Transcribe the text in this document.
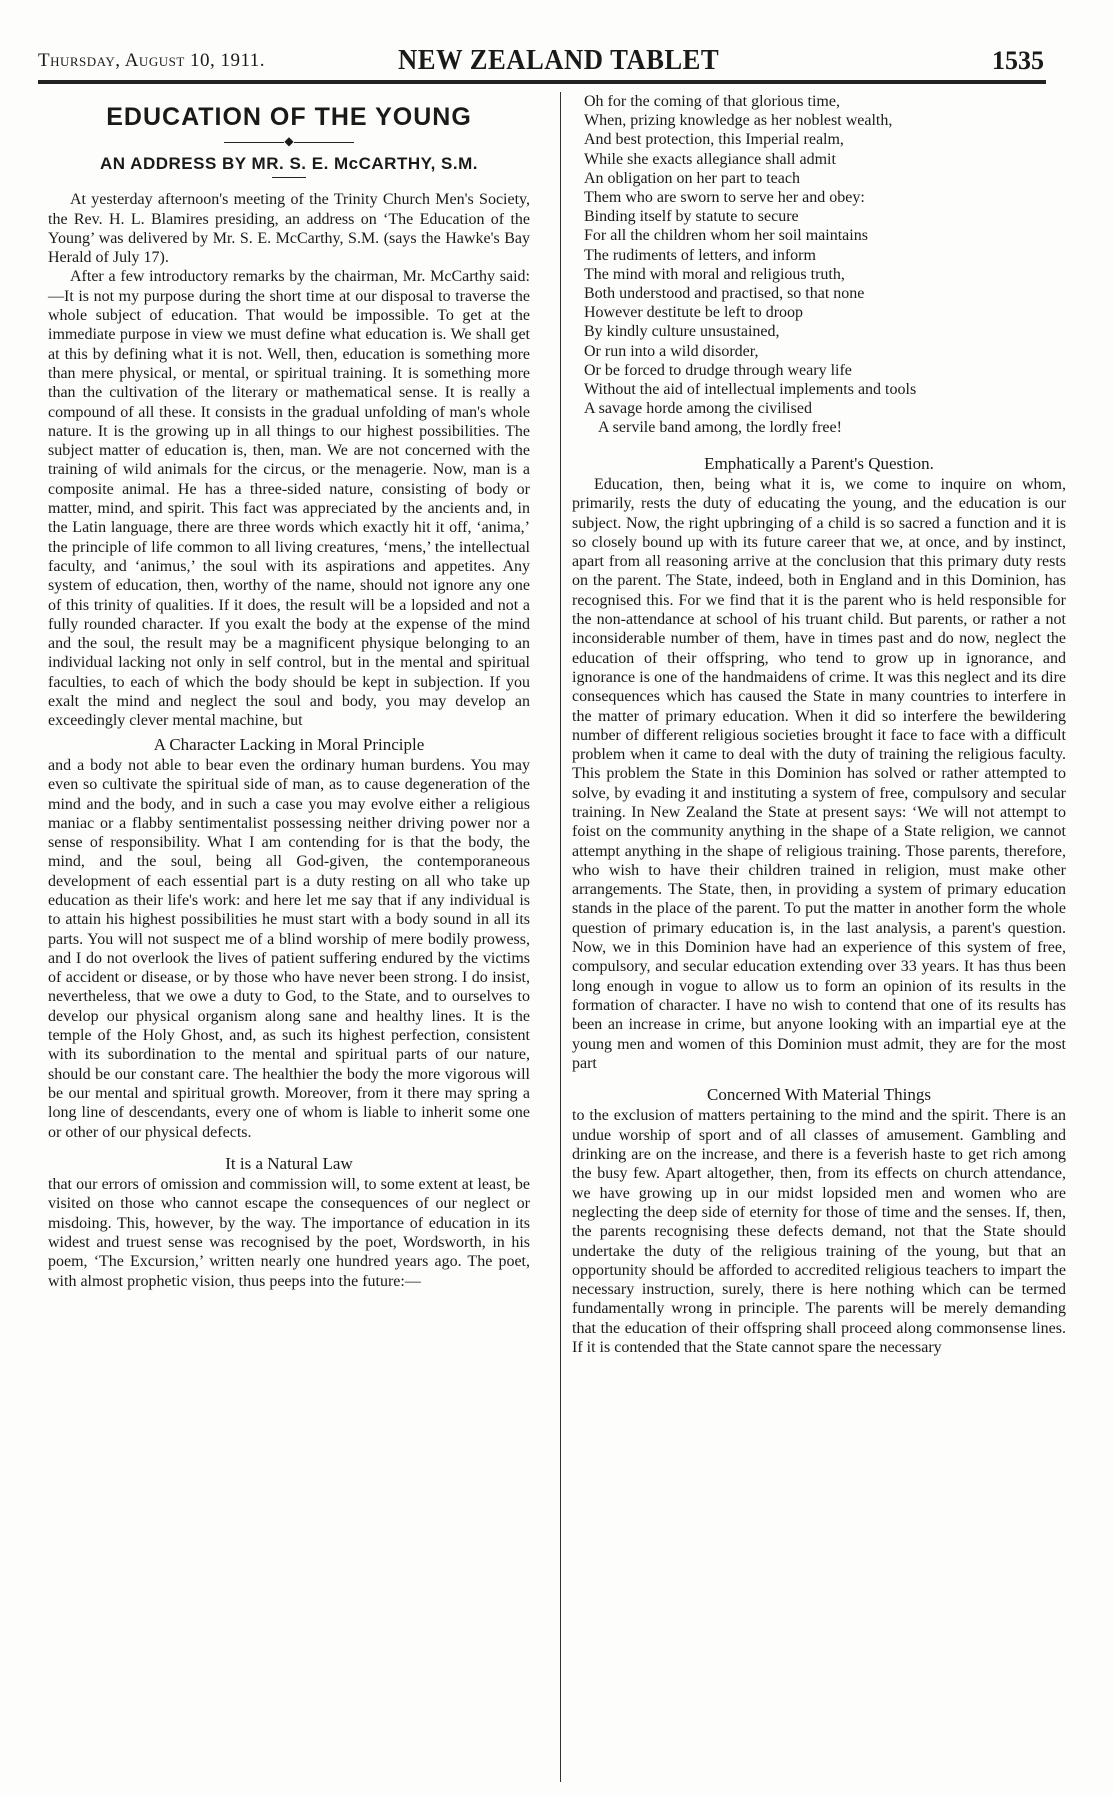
Thursday, August 10, 1911.	NEW ZEALAND TABLET	1535
EDUCATION OF THE YOUNG
◆
AN ADDRESS BY MR. S. E. McCARTHY, S.M.

At yesterday afternoon's meeting of the Trinity Church Men's Society, the Rev. H. L. Blamires presiding, an address on ‘The Education of the Young’ was delivered by Mr. S. E. McCarthy, S.M. (says the Hawke's Bay Herald of July 17).

After a few introductory remarks by the chairman, Mr. McCarthy said:—It is not my purpose during the short time at our disposal to traverse the whole subject of education. That would be impossible. To get at the immediate purpose in view we must define what education is. We shall get at this by defining what it is not. Well, then, education is something more than mere physical, or mental, or spiritual training. It is something more than the cultivation of the literary or mathematical sense. It is really a compound of all these. It consists in the gradual unfolding of man's whole nature. It is the growing up in all things to our highest possibilities. The subject matter of education is, then, man. We are not concerned with the training of wild animals for the circus, or the menagerie. Now, man is a composite animal. He has a three-sided nature, consisting of body or matter, mind, and spirit. This fact was appreciated by the ancients and, in the Latin language, there are three words which exactly hit it off, ‘anima,’ the principle of life common to all living creatures, ‘mens,’ the intellectual faculty, and ‘animus,’ the soul with its aspirations and appetites. Any system of education, then, worthy of the name, should not ignore any one of this trinity of qualities. If it does, the result will be a lopsided and not a fully rounded character. If you exalt the body at the expense of the mind and the soul, the result may be a magnificent physique belonging to an individual lacking not only in self control, but in the mental and spiritual faculties, to each of which the body should be kept in subjection. If you exalt the mind and neglect the soul and body, you may develop an exceedingly clever mental machine, but

A Character Lacking in Moral Principle

and a body not able to bear even the ordinary human burdens. You may even so cultivate the spiritual side of man, as to cause degeneration of the mind and the body, and in such a case you may evolve either a religious maniac or a flabby sentimentalist possessing neither driving power nor a sense of responsibility. What I am contending for is that the body, the mind, and the soul, being all God-given, the contemporaneous development of each essential part is a duty resting on all who take up education as their life's work: and here let me say that if any individual is to attain his highest possibilities he must start with a body sound in all its parts. You will not suspect me of a blind worship of mere bodily prowess, and I do not overlook the lives of patient suffering endured by the victims of accident or disease, or by those who have never been strong. I do insist, nevertheless, that we owe a duty to God, to the State, and to ourselves to develop our physical organism along sane and healthy lines. It is the temple of the Holy Ghost, and, as such its highest perfection, consistent with its subordination to the mental and spiritual parts of our nature, should be our constant care. The healthier the body the more vigorous will be our mental and spiritual growth. Moreover, from it there may spring a long line of descendants, every one of whom is liable to inherit some one or other of our physical defects.

It is a Natural Law

that our errors of omission and commission will, to some extent at least, be visited on those who cannot escape the consequences of our neglect or misdoing. This, however, by the way. The importance of education in its widest and truest sense was recognised by the poet, Wordsworth, in his poem, ‘The Excursion,’ written nearly one hundred years ago. The poet, with almost prophetic vision, thus peeps into the future:—

Oh for the coming of that glorious time,
When, prizing knowledge as her noblest wealth,
And best protection, this Imperial realm,
While she exacts allegiance shall admit
An obligation on her part to teach
Them who are sworn to serve her and obey:
Binding itself by statute to secure
For all the children whom her soil maintains
The rudiments of letters, and inform
The mind with moral and religious truth,
Both understood and practised, so that none
However destitute be left to droop
By kindly culture unsustained,
Or run into a wild disorder,
Or be forced to drudge through weary life
Without the aid of intellectual implements and tools
A savage horde among the civilised
A servile band among, the lordly free!
Emphatically a Parent's Question.

Education, then, being what it is, we come to inquire on whom, primarily, rests the duty of educating the young, and the education is our subject. Now, the right upbringing of a child is so sacred a function and it is so closely bound up with its future career that we, at once, and by instinct, apart from all reasoning arrive at the conclusion that this primary duty rests on the parent. The State, indeed, both in England and in this Dominion, has recognised this. For we find that it is the parent who is held responsible for the non-attendance at school of his truant child. But parents, or rather a not inconsiderable number of them, have in times past and do now, neglect the education of their offspring, who tend to grow up in ignorance, and ignorance is one of the handmaidens of crime. It was this neglect and its dire consequences which has caused the State in many countries to interfere in the matter of primary education. When it did so interfere the bewildering number of different religious societies brought it face to face with a difficult problem when it came to deal with the duty of training the religious faculty. This problem the State in this Dominion has solved or rather attempted to solve, by evading it and instituting a system of free, compulsory and secular training. In New Zealand the State at present says: ‘We will not attempt to foist on the community anything in the shape of a State religion, we cannot attempt anything in the shape of religious training. Those parents, therefore, who wish to have their children trained in religion, must make other arrangements. The State, then, in providing a system of primary education stands in the place of the parent. To put the matter in another form the whole question of primary education is, in the last analysis, a parent's question. Now, we in this Dominion have had an experience of this system of free, compulsory, and secular education extending over 33 years. It has thus been long enough in vogue to allow us to form an opinion of its results in the formation of character. I have no wish to contend that one of its results has been an increase in crime, but anyone looking with an impartial eye at the young men and women of this Dominion must admit, they are for the most part

Concerned With Material Things

to the exclusion of matters pertaining to the mind and the spirit. There is an undue worship of sport and of all classes of amusement. Gambling and drinking are on the increase, and there is a feverish haste to get rich among the busy few. Apart altogether, then, from its effects on church attendance, we have growing up in our midst lopsided men and women who are neglecting the deep side of eternity for those of time and the senses. If, then, the parents recognising these defects demand, not that the State should undertake the duty of the religious training of the young, but that an opportunity should be afforded to accredited religious teachers to impart the necessary instruction, surely, there is here nothing which can be termed fundamentally wrong in principle. The parents will be merely demanding that the education of their offspring shall proceed along commonsense lines. If it is contended that the State cannot spare the necessary
